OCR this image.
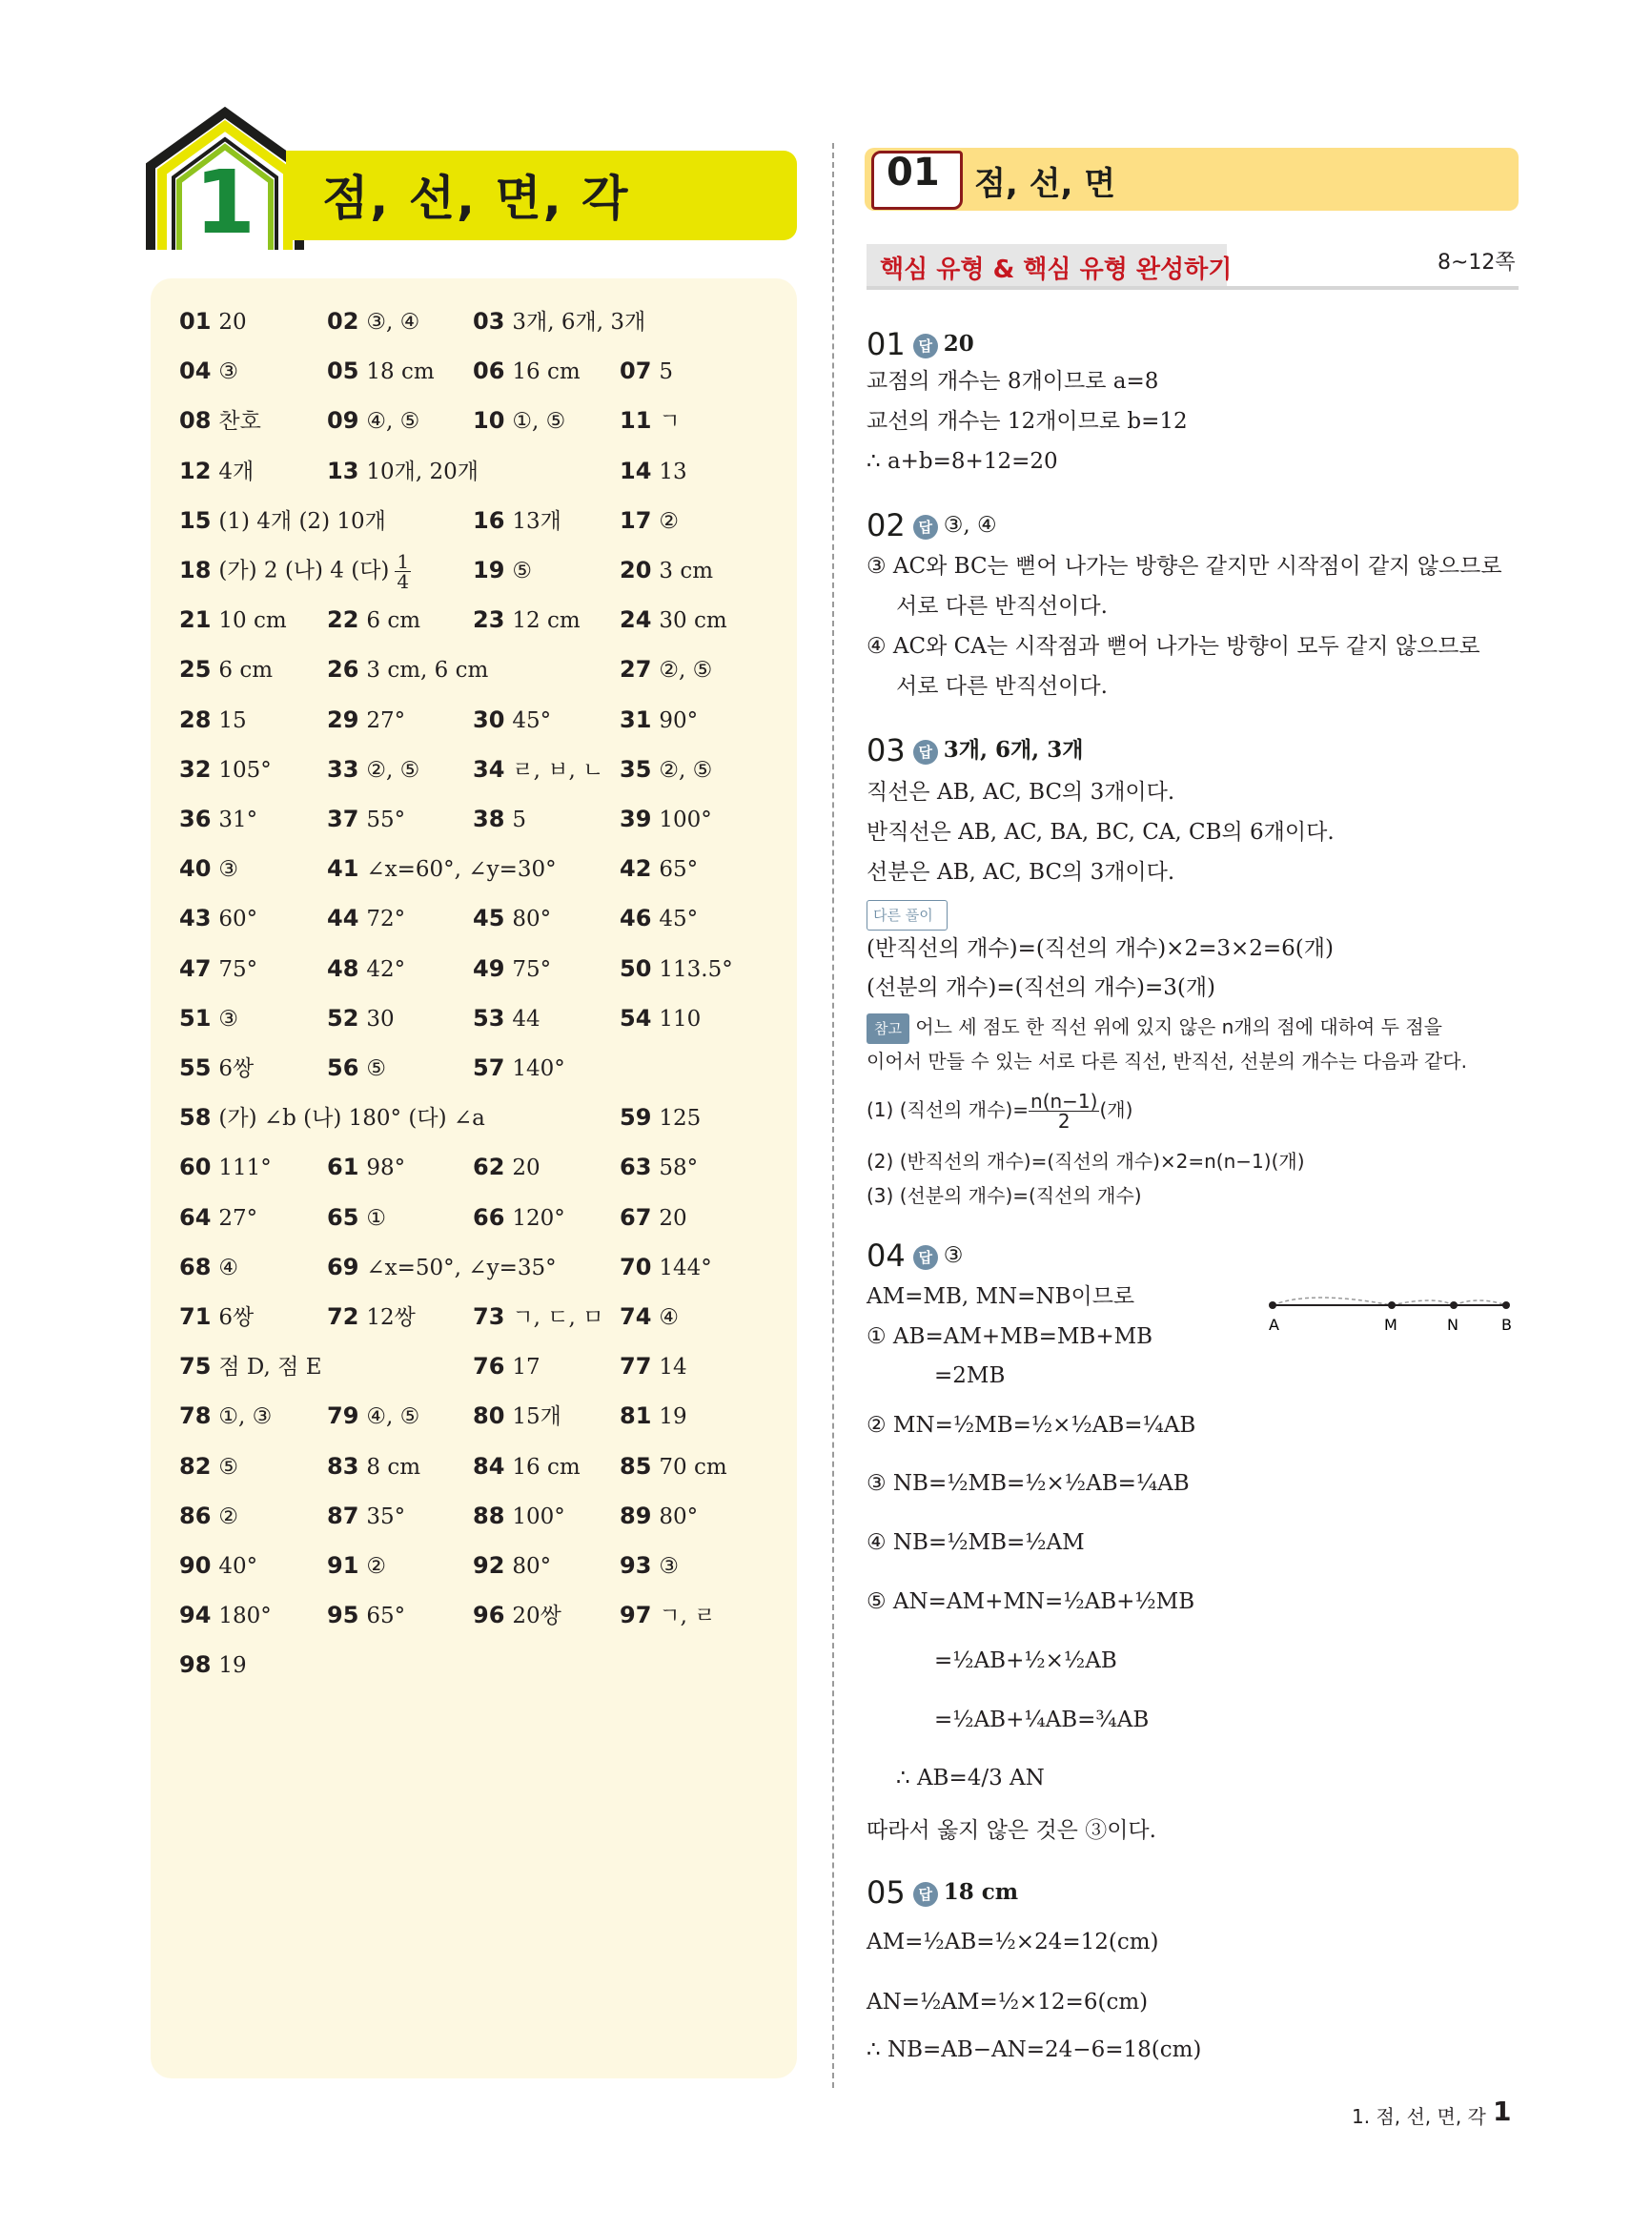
1 점, 선, 면, 각
01 20	02 ③, ④ 03 3개, 6개, 3개
04 ③	05 18 cm 06 16 cm 07 5
08 찬호	09 ④, ⑤ 10 ①, ⑤ 11 ㄱ
12 4개	13 10개, 20개	14 13
15 (1) 4개 (2) 10개	16 13개	17 ②
18 (가) 2 (나) 4 (다) $\frac{1}{4}$	19 ⑤	20 3 cm
21 10 cm 22 6 cm 23 12 cm 24 30 cm
25 6 cm 26 3 cm, 6 cm	27 ②, ⑤
28 15	29 27°	30 45°	31 90°
32 105° 33 ②, ⑤ 34 ㄹ, ㅂ, ㄴ 35 ②, ⑤
36 31°	37 55°	38 5	39 100°
40 ③	41 ∠x=60°, ∠y=30°	42 65°
43 60°	44 72°	45 80°	46 45°
47 75°	48 42°	49 75°	50 113.5°
51 ③	52 30	53 44	54 110
55 6쌍	56 ⑤	57 140°
58 (가) ∠b (나) 180° (다) ∠a	59 125
60 111° 61 98°	62 20	63 58°
64 27°	65 ①	66 120° 67 20
68 ④	69 ∠x=50°, ∠y=35°	70 144°
71 6쌍	72 12쌍	73 ㄱ, ㄷ, ㅁ 74 ④
75 점 D, 점 E	76 17	77 14
78 ①, ③ 79 ④, ⑤ 80 15개	81 19
82 ⑤	83 8 cm 84 16 cm 85 70 cm
86 ②	87 35°	88 100° 89 80°
90 40°	91 ②	92 80°	93 ③
94 180° 95 65°	96 20쌍	97 ㄱ, ㄹ
98 19
01 점, 선, 면
핵심 유형 & 핵심 유형 완성하기	8~12쪽
01 답 20
교점의 개수는 8개이므로 a=8
교선의 개수는 12개이므로 b=12
∴ a+b=8+12=20
02 답 ③, ④
③ AC와 BC는 뻗어 나가는 방향은 같지만 시작점이 같지 않으므로
서로 다른 반직선이다.
④ AC와 CA는 시작점과 뻗어 나가는 방향이 모두 같지 않으므로
서로 다른 반직선이다.
03 답 3개, 6개, 3개
직선은 AB, AC, BC의 3개이다.
반직선은 AB, AC, BA, BC, CA, CB의 6개이다.
선분은 AB, AC, BC의 3개이다.
다른 풀이
(반직선의 개수)=(직선의 개수)×2=3×2=6(개)
(선분의 개수)=(직선의 개수)=3(개)
참고 어느 세 점도 한 직선 위에 있지 않은 n개의 점에 대하여 두 점을
이어서 만들 수 있는 서로 다른 직선, 반직선, 선분의 개수는 다음과 같다.
(1) (직선의 개수)= $\frac{n(n-1)}{2}$ (개)
(2) (반직선의 개수)=(직선의 개수)×2=n(n−1)(개)
(3) (선분의 개수)=(직선의 개수)
04 답 ③
AM=MB, MN=NB이므로
① AB=AM+MB=MB+MB
=2MB
② MN=½MB=½×½AB=¼AB
③ NB=½MB=½×½AB=¼AB
④ NB=½MB=½AM
⑤ AN=AM+MN=½AB+½MB
=½AB+½×½AB
=½AB+¼AB=¾AB
∴ AB=4/3 AN
따라서 옳지 않은 것은 ③이다.
A	M	N	B
05 답 18 cm
AM=½AB=½×24=12(cm)
AN=½AM=½×12=6(cm)
∴ NB=AB−AN=24−6=18(cm)
1. 점, 선, 면, 각 1
